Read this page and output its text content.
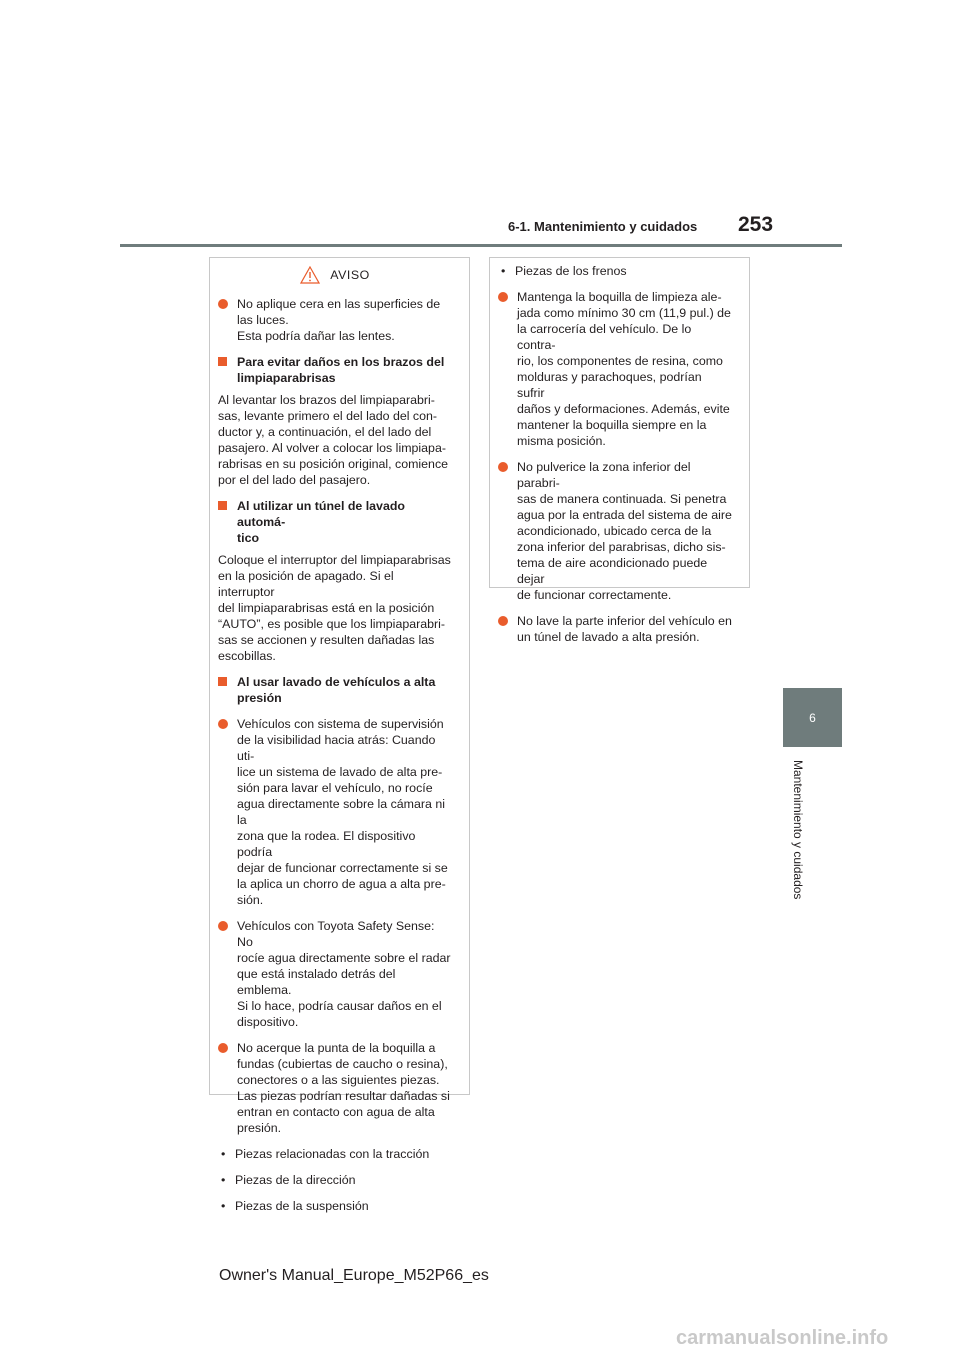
6-1. Mantenimiento y cuidados 253
6
Mantenimiento y cuidados
AVISO
No aplique cera en las superficies de
las luces.
Esta podría dañar las lentes.
Para evitar daños en los brazos del
limpiaparabrisas
Al levantar los brazos del limpiaparabri-
sas, levante primero el del lado del con-
ductor y, a continuación, el del lado del
pasajero. Al volver a colocar los limpiapa-
rabrisas en su posición original, comience
por el del lado del pasajero.
Al utilizar un túnel de lavado automá-
tico
Coloque el interruptor del limpiaparabrisas
en la posición de apagado. Si el interruptor
del limpiaparabrisas está en la posición
“AUTO”, es posible que los limpiaparabri-
sas se accionen y resulten dañadas las
escobillas.
Al usar lavado de vehículos a alta
presión
Vehículos con sistema de supervisión
de la visibilidad hacia atrás: Cuando uti-
lice un sistema de lavado de alta pre-
sión para lavar el vehículo, no rocíe
agua directamente sobre la cámara ni la
zona que la rodea. El dispositivo podría
dejar de funcionar correctamente si se
la aplica un chorro de agua a alta pre-
sión.
Vehículos con Toyota Safety Sense: No
rocíe agua directamente sobre el radar
que está instalado detrás del emblema.
Si lo hace, podría causar daños en el
dispositivo.
No acerque la punta de la boquilla a
fundas (cubiertas de caucho o resina),
conectores o a las siguientes piezas.
Las piezas podrían resultar dañadas si
entran en contacto con agua de alta
presión.
• Piezas relacionadas con la tracción
• Piezas de la dirección
• Piezas de la suspensión
• Piezas de los frenos
Mantenga la boquilla de limpieza ale-
jada como mínimo 30 cm (11,9 pul.) de
la carrocería del vehículo. De lo contra-
rio, los componentes de resina, como
molduras y parachoques, podrían sufrir
daños y deformaciones. Además, evite
mantener la boquilla siempre en la
misma posición.
No pulverice la zona inferior del parabri-
sas de manera continuada. Si penetra
agua por la entrada del sistema de aire
acondicionado, ubicado cerca de la
zona inferior del parabrisas, dicho sis-
tema de aire acondicionado puede dejar
de funcionar correctamente.
No lave la parte inferior del vehículo en
un túnel de lavado a alta presión.
Owner's Manual_Europe_M52P66_es
carmanualsonline.info
